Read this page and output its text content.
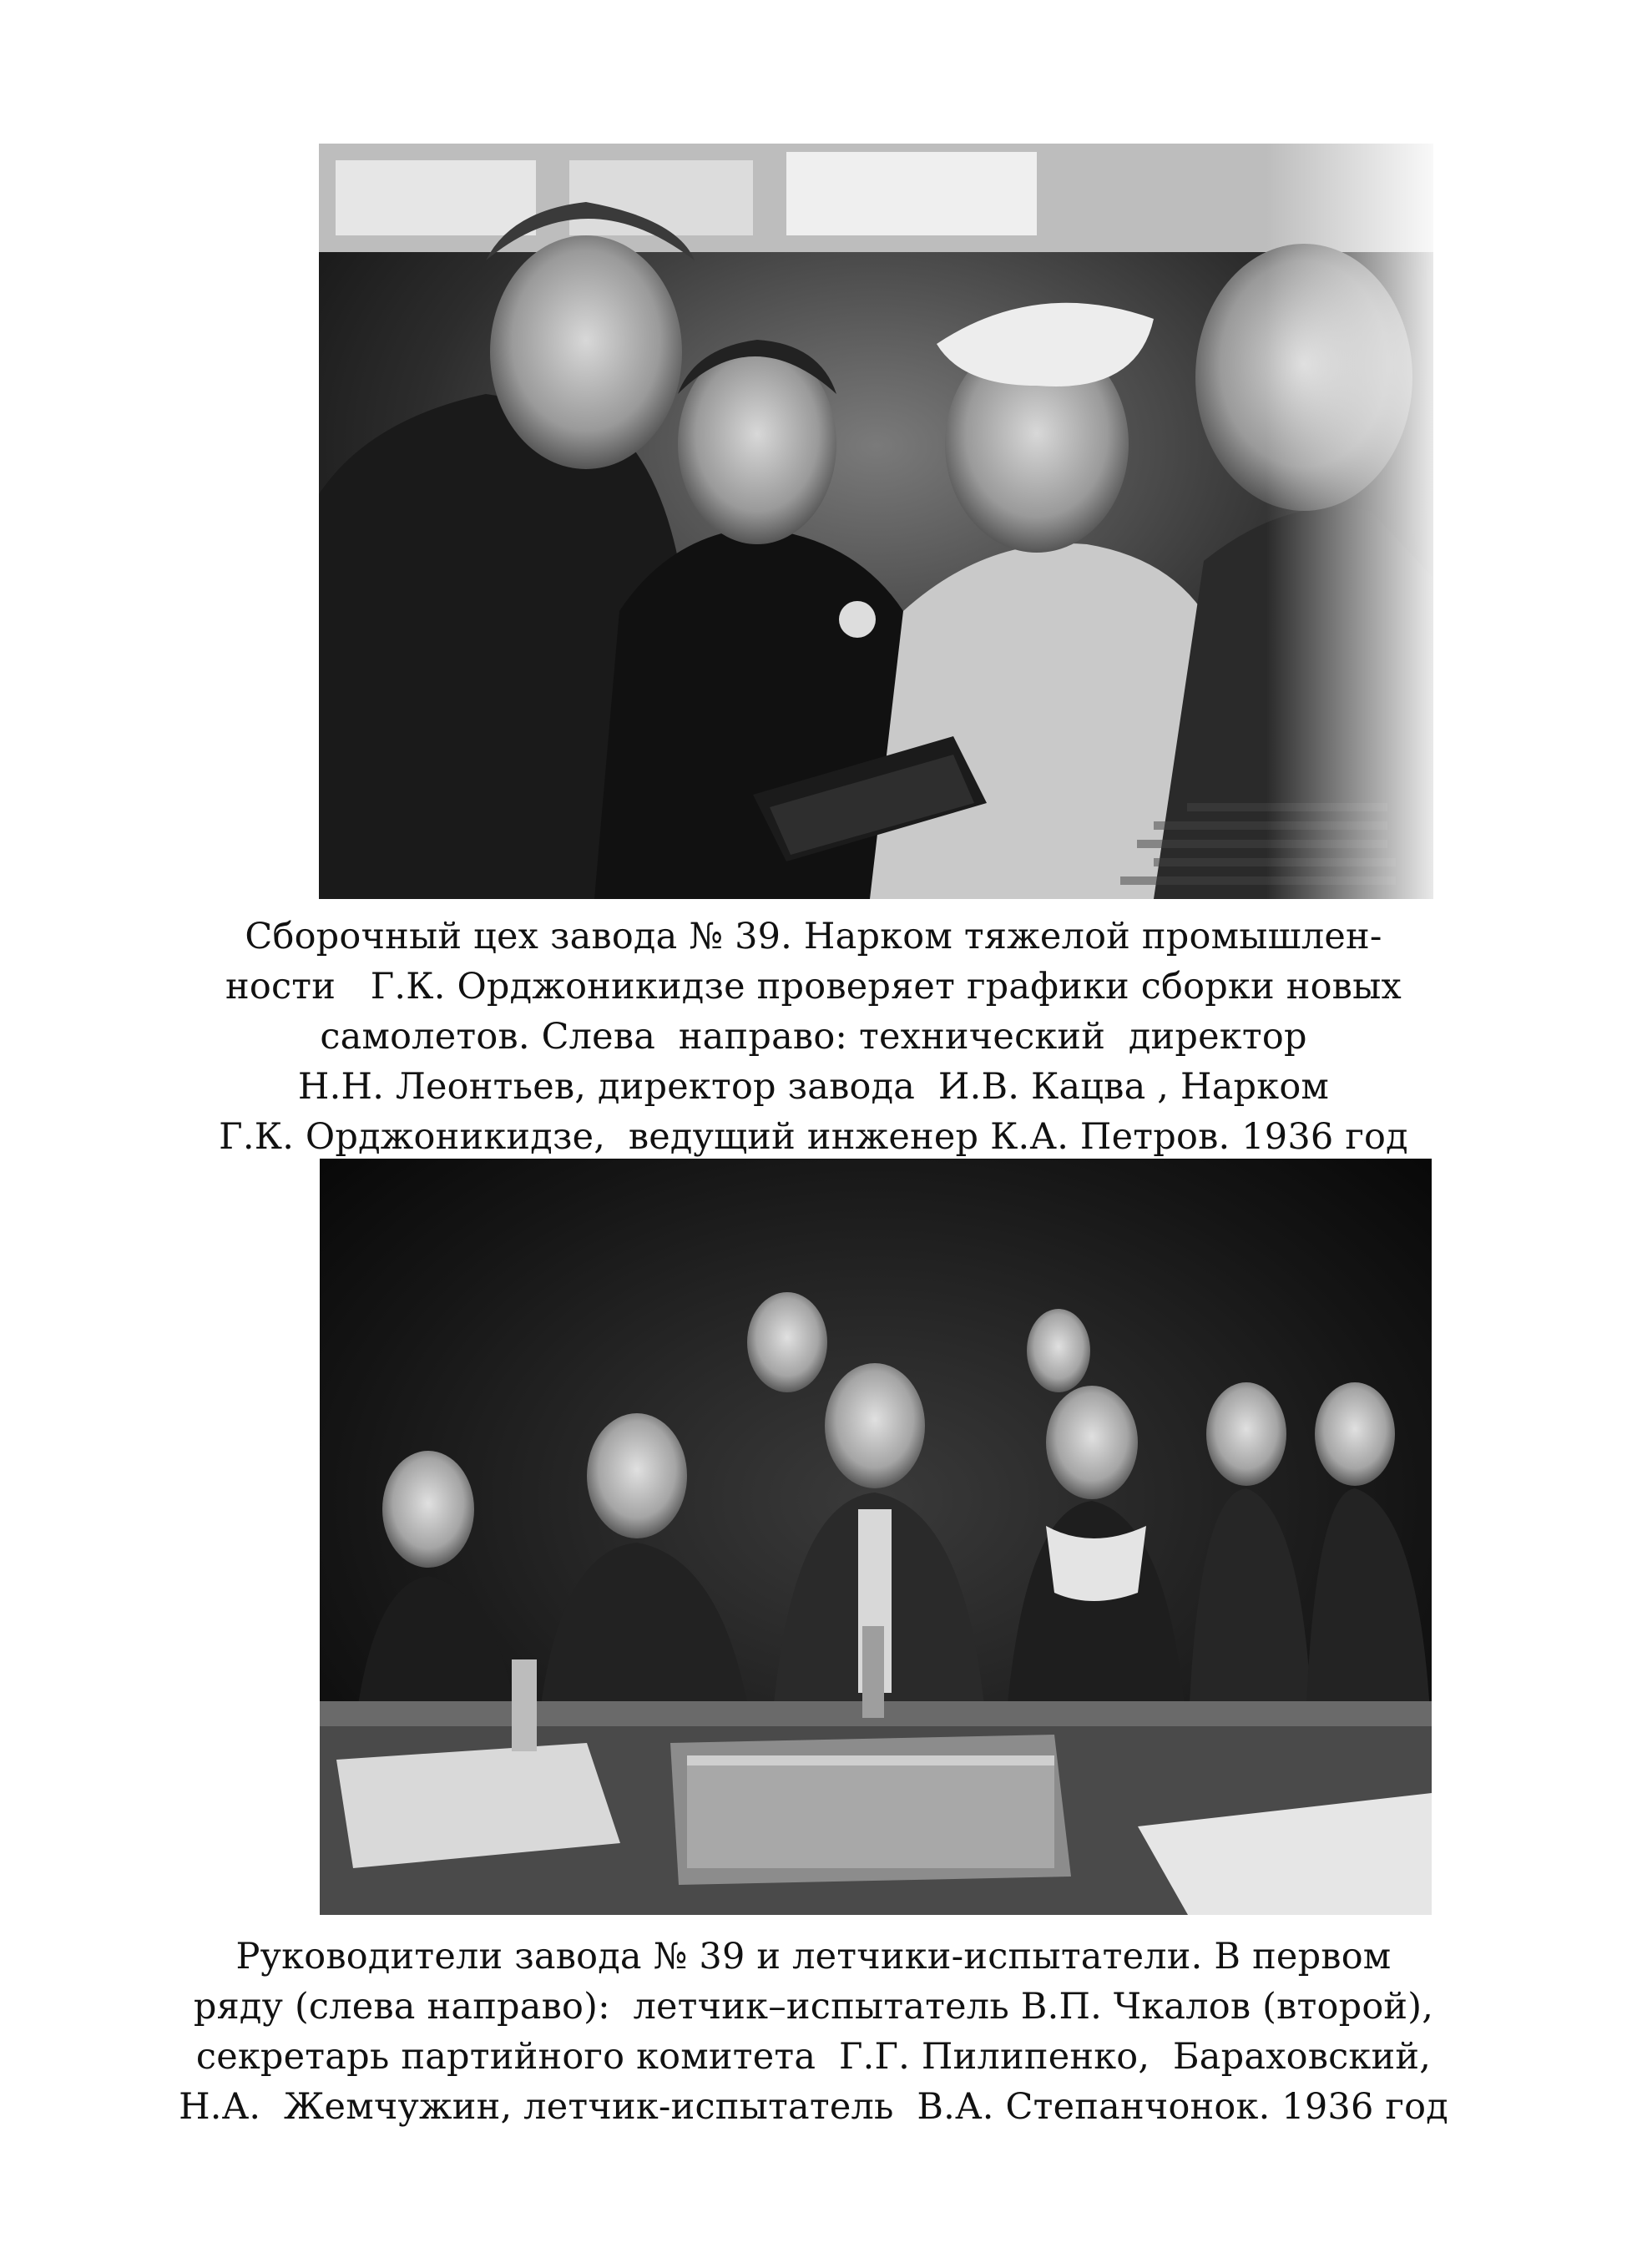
Сборочный цех завода № 39. Нарком тяжелой промышлен-
ности   Г.К. Орджоникидзе проверяет графики сборки новых
самолетов. Слева  направо: технический  директор
Н.Н. Леонтьев, директор завода  И.В. Кацва , Нарком
Г.К. Орджоникидзе,  ведущий инженер К.А. Петров. 1936 год
Руководители завода № 39 и летчики-испытатели. В первом
ряду (слева направо):  летчик–испытатель В.П. Чкалов (второй),
секретарь партийного комитета  Г.Г. Пилипенко,  Бараховский,
Н.А.  Жемчужин, летчик-испытатель  В.А. Степанчонок. 1936 год
